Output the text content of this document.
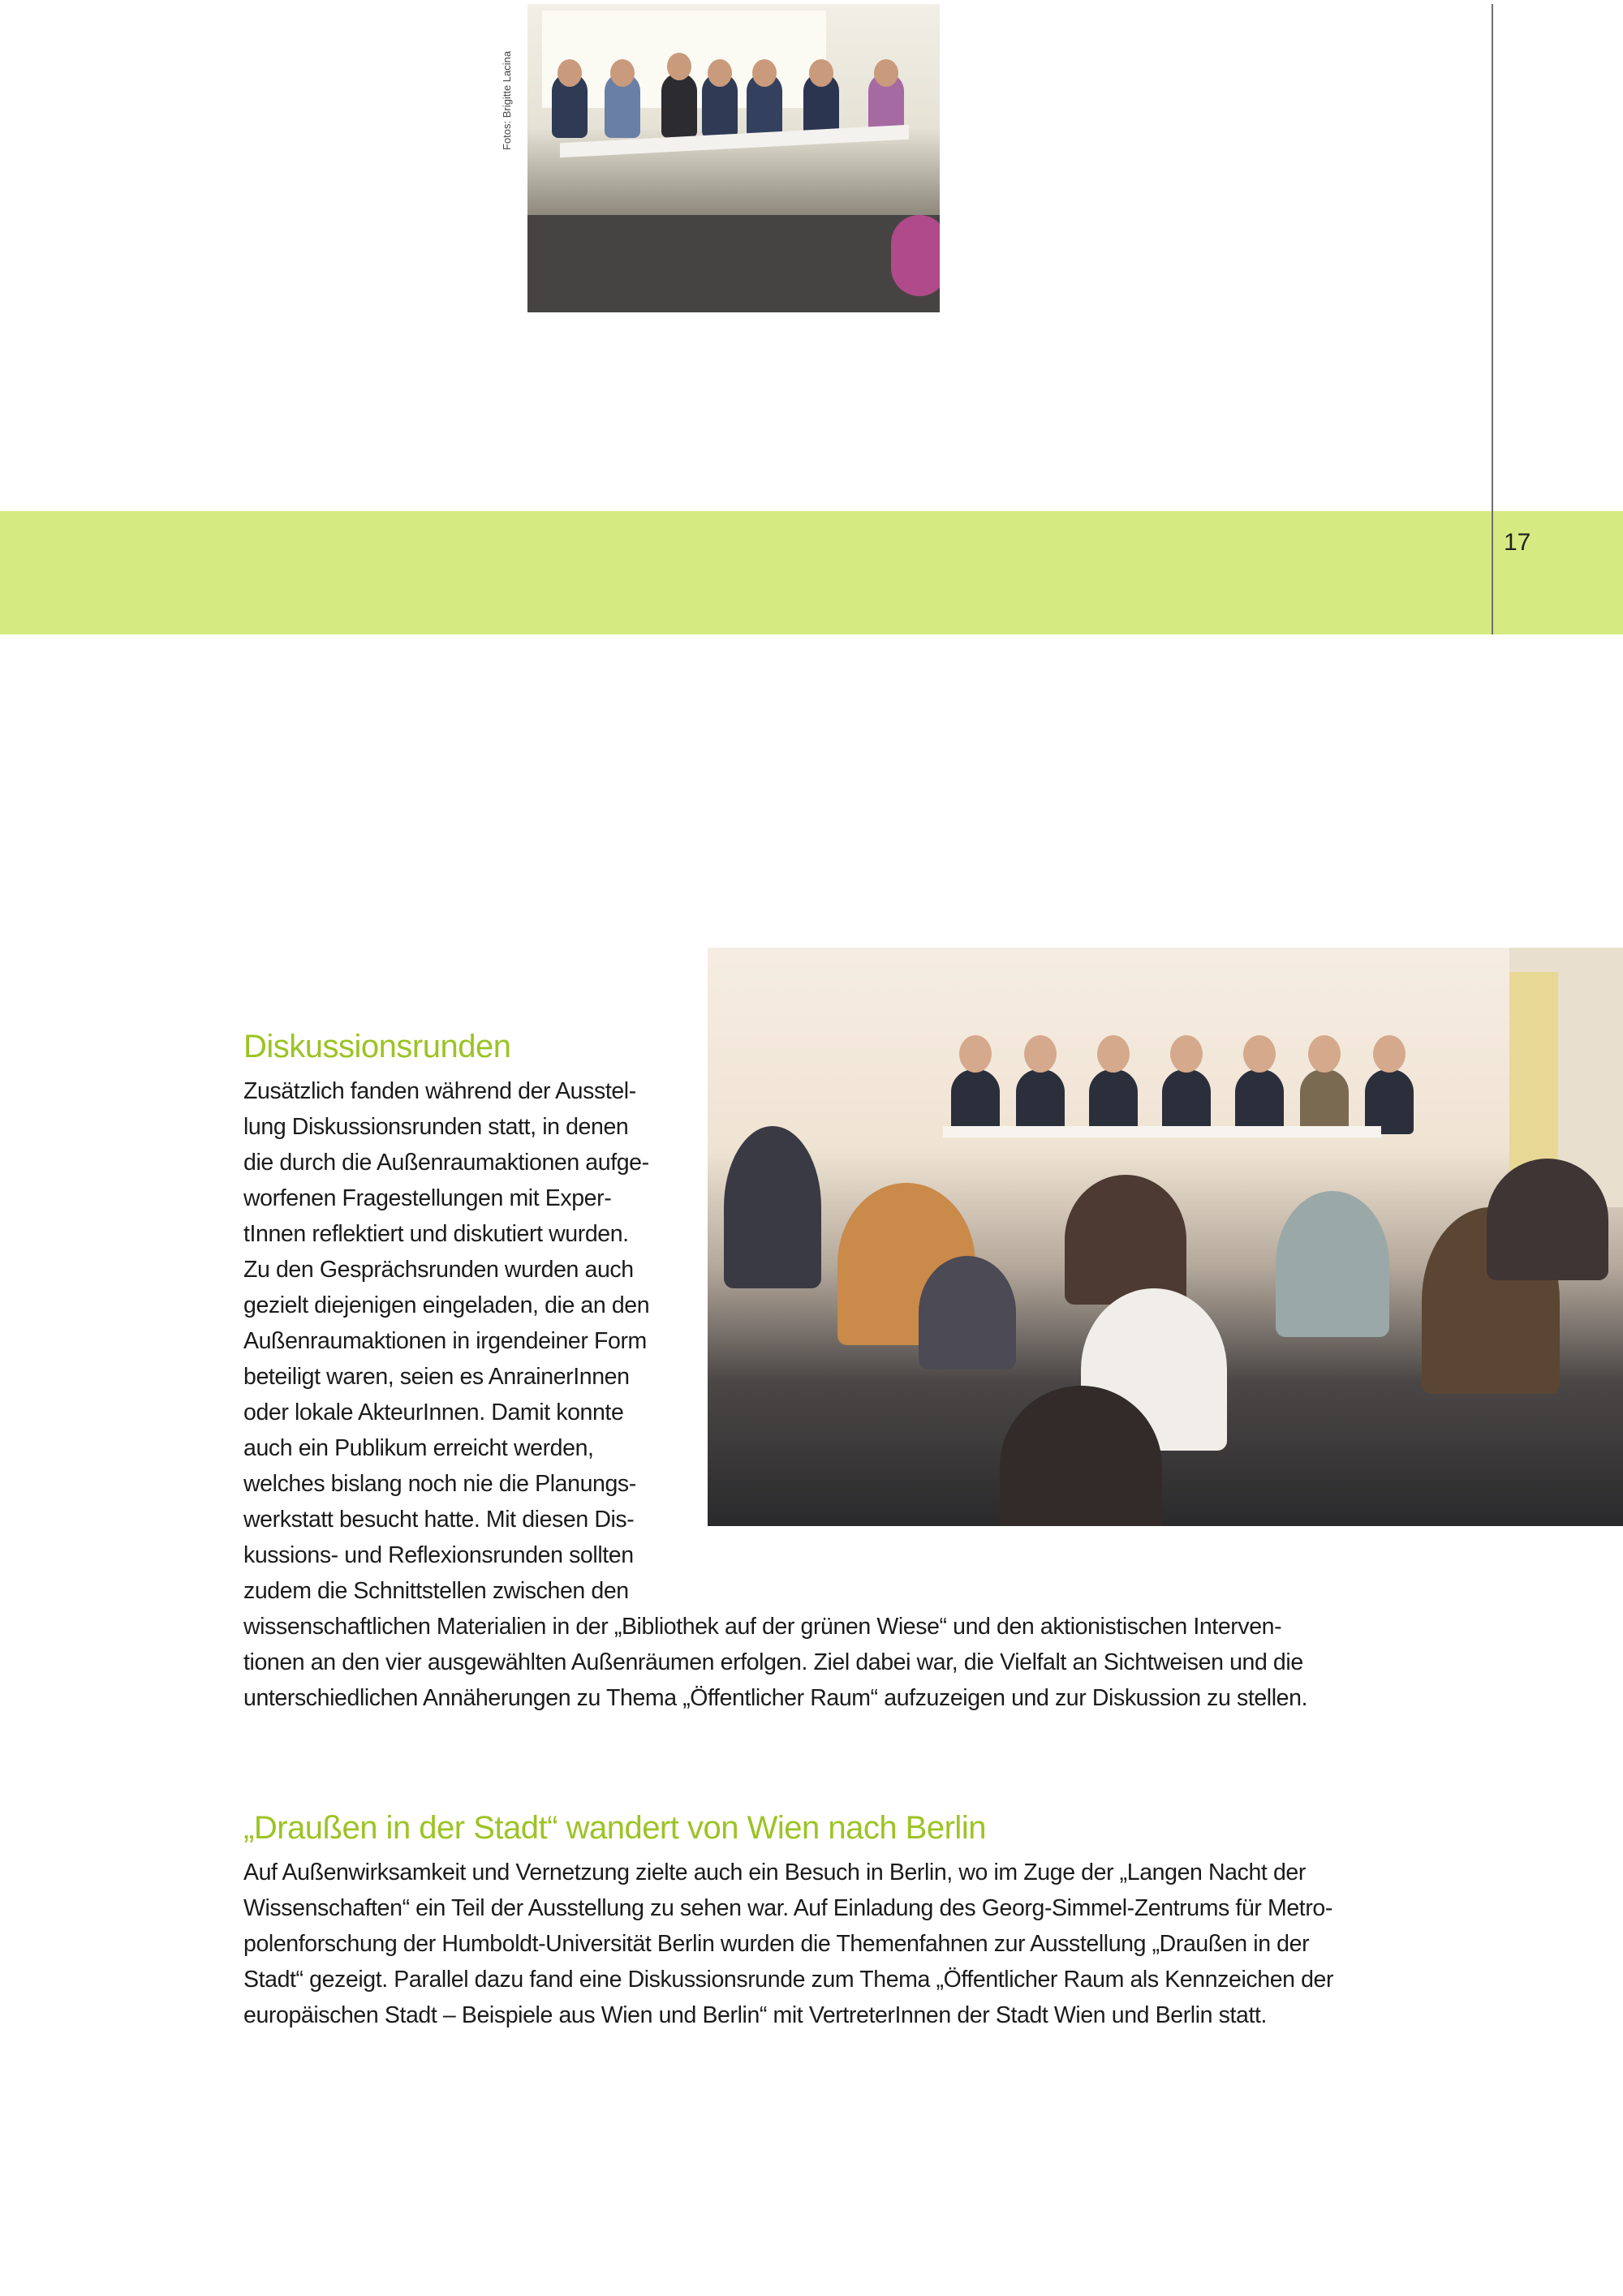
Fotos: Brigitte Lacina
17
Diskussionsrunden
Zusätzlich fanden während der Ausstel-
lung Diskussionsrunden statt, in denen
die durch die Außenraumaktionen aufge-
worfenen Fragestellungen mit Exper-
tInnen reflektiert und diskutiert wurden.
Zu den Gesprächsrunden wurden auch
gezielt diejenigen eingeladen, die an den
Außenraumaktionen in irgendeiner Form
beteiligt waren, seien es AnrainerInnen
oder lokale AkteurInnen. Damit konnte
auch ein Publikum erreicht werden,
welches bislang noch nie die Planungs-
werkstatt besucht hatte. Mit diesen Dis-
kussions- und Reflexionsrunden sollten
zudem die Schnittstellen zwischen den
wissenschaftlichen Materialien in der „Bibliothek auf der grünen Wiese“ und den aktionistischen Interven-
tionen an den vier ausgewählten Außenräumen erfolgen. Ziel dabei war, die Vielfalt an Sichtweisen und die
unterschiedlichen Annäherungen zu Thema „Öffentlicher Raum“ aufzuzeigen und zur Diskussion zu stellen.
„Draußen in der Stadt“ wandert von Wien nach Berlin
Auf Außenwirksamkeit und Vernetzung zielte auch ein Besuch in Berlin, wo im Zuge der „Langen Nacht der
Wissenschaften“ ein Teil der Ausstellung zu sehen war. Auf Einladung des Georg-Simmel-Zentrums für Metro-
polenforschung der Humboldt-Universität Berlin wurden die Themenfahnen zur Ausstellung „Draußen in der
Stadt“ gezeigt. Parallel dazu fand eine Diskussionsrunde zum Thema „Öffentlicher Raum als Kennzeichen der
europäischen Stadt – Beispiele aus Wien und Berlin“ mit VertreterInnen der Stadt Wien und Berlin statt.
